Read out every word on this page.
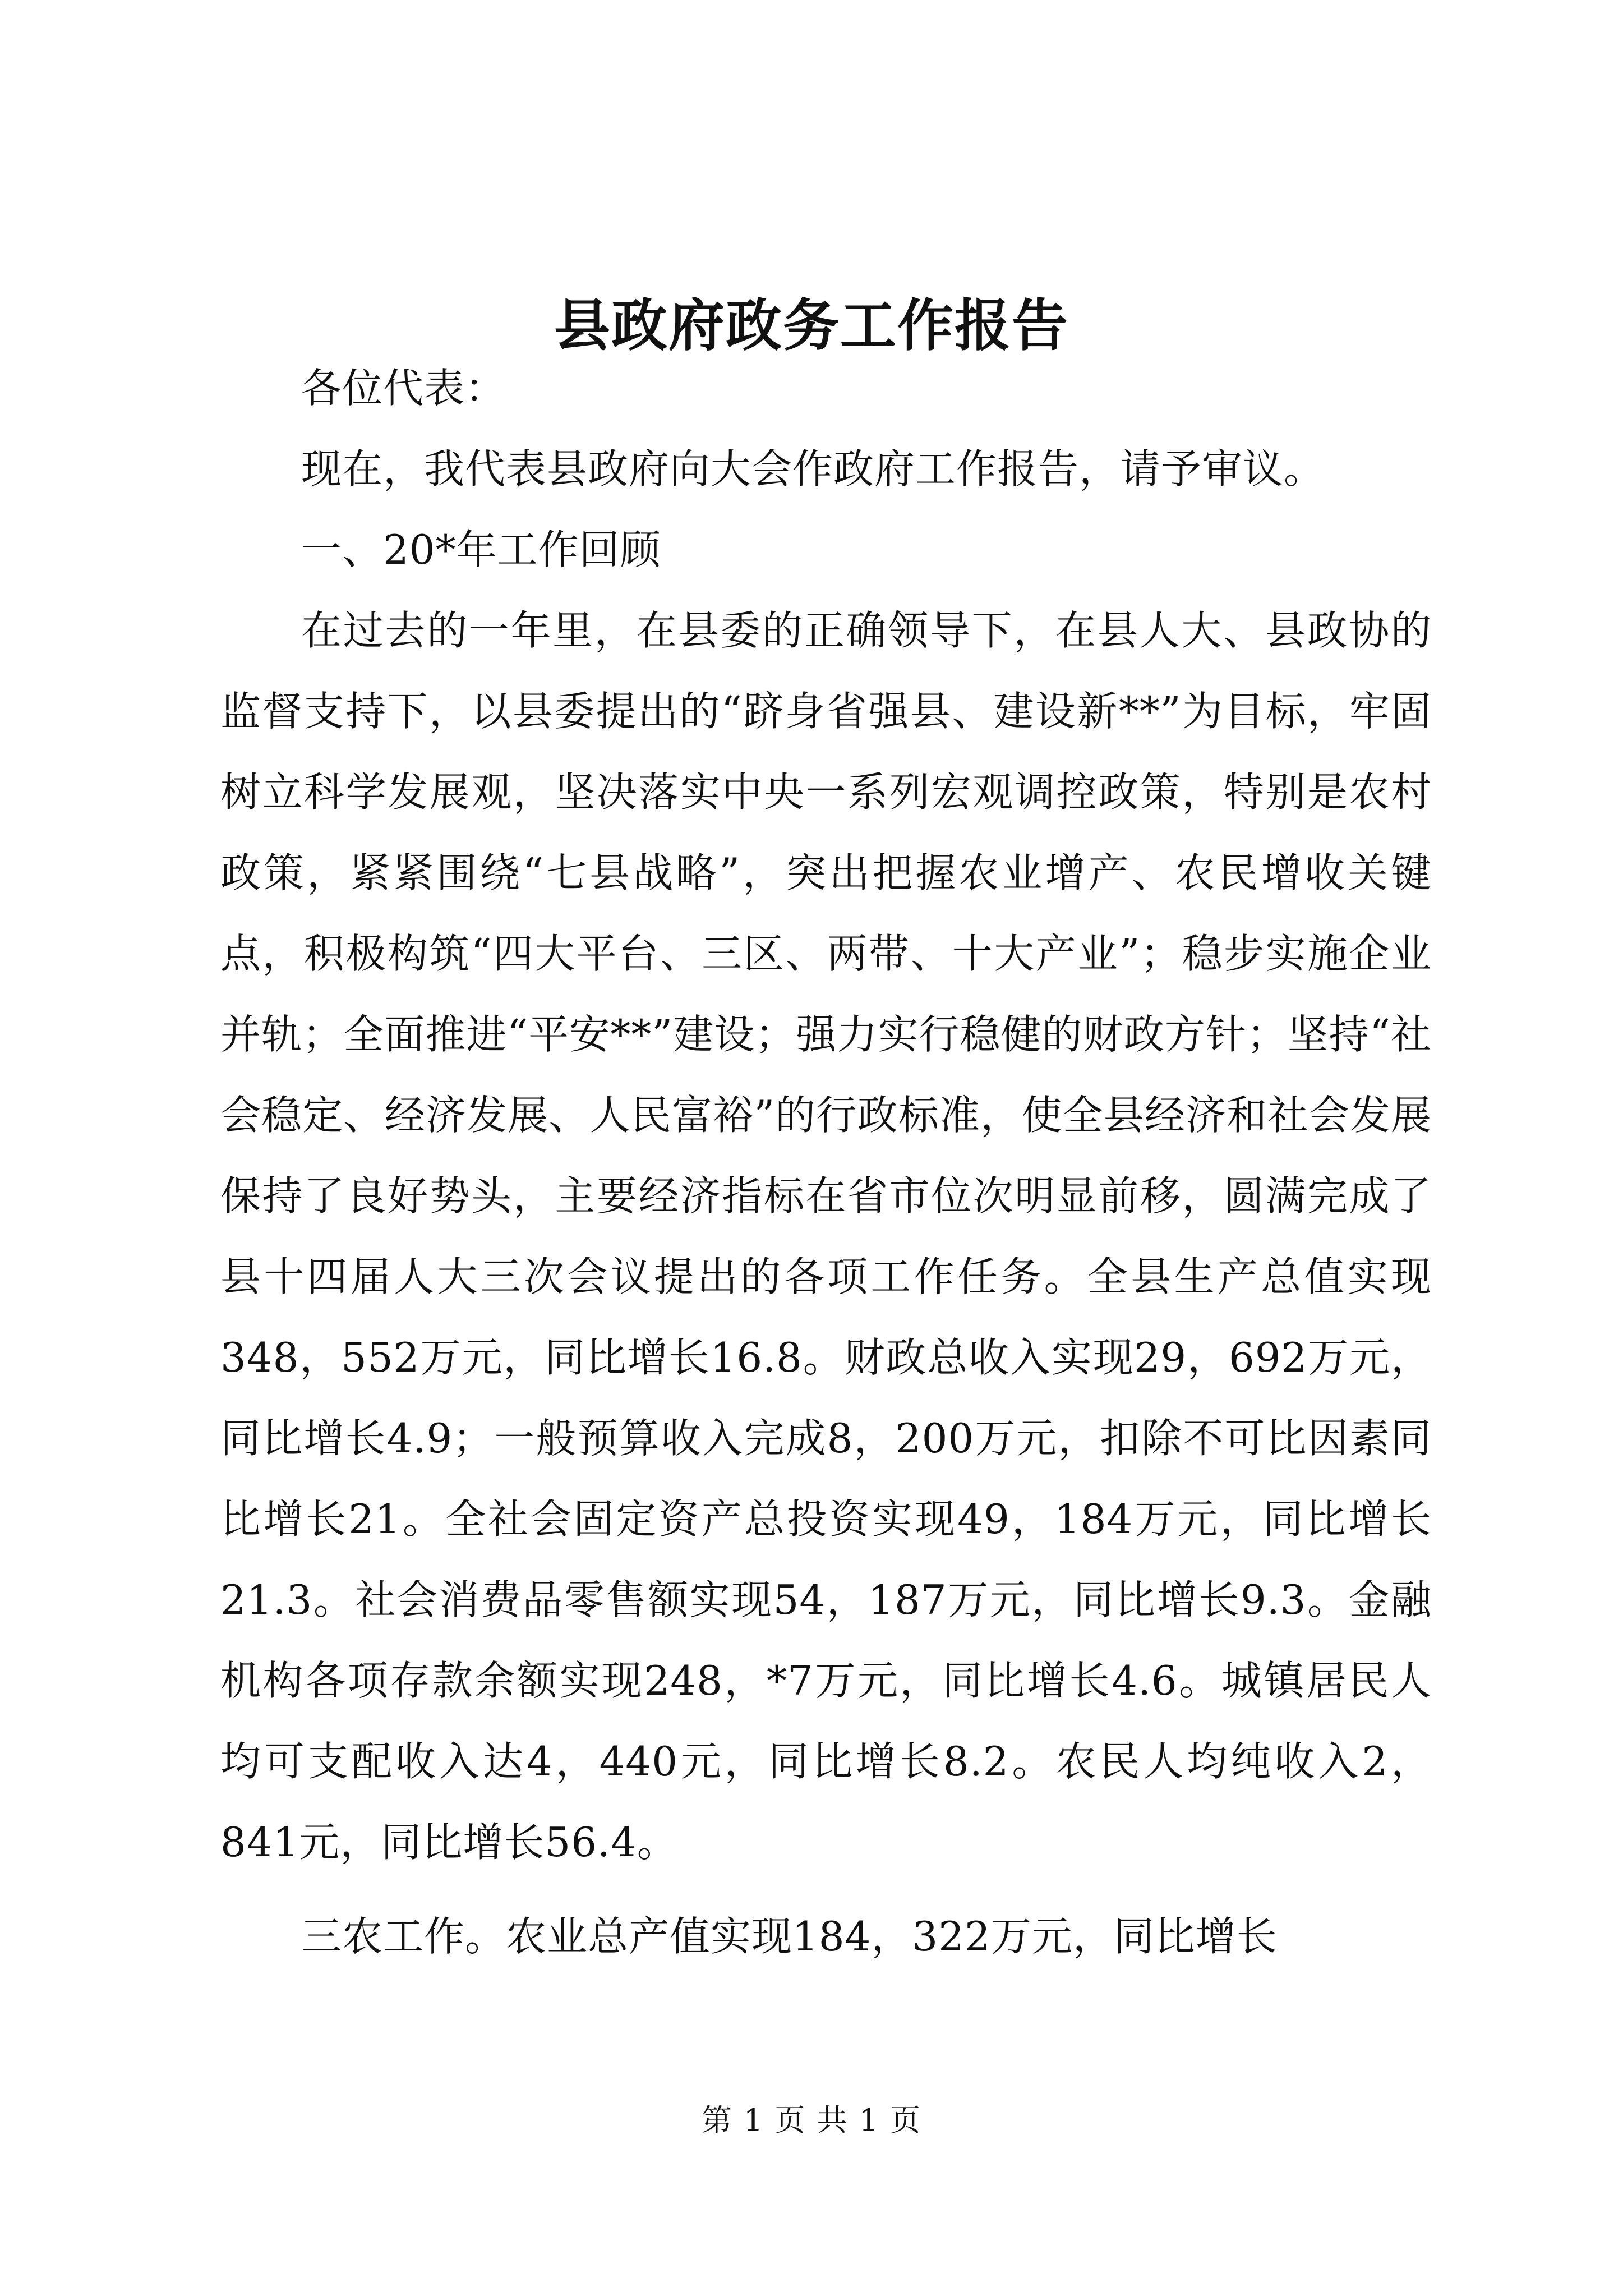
县政府政务工作报告

各位代表：

现在，我代表县政府向大会作政府工作报告，请予审议。

一、20*年工作回顾

在过去的一年里，在县委的正确领导下，在县人大、县政协的监督支持下，以县委提出的“跻身省强县、建设新**”为目标，牢固树立科学发展观，坚决落实中央一系列宏观调控政策，特别是农村政策，紧紧围绕“七县战略”，突出把握农业增产、农民增收关键点，积极构筑“四大平台、三区、两带、十大产业”；稳步实施企业并轨；全面推进“平安**”建设；强力实行稳健的财政方针；坚持“社会稳定、经济发展、人民富裕”的行政标准，使全县经济和社会发展保持了良好势头，主要经济指标在省市位次明显前移，圆满完成了县十四届人大三次会议提出的各项工作任务。全县生产总值实现348，552万元，同比增长16.8。财政总收入实现29，692万元，同比增长4.9；一般预算收入完成8，200万元，扣除不可比因素同比增长21。全社会固定资产总投资实现49，184万元，同比增长21.3。社会消费品零售额实现54，187万元，同比增长9.3。金融机构各项存款余额实现248，*7万元，同比增长4.6。城镇居民人均可支配收入达4，440元，同比增长8.2。农民人均纯收入2，841元，同比增长56.4。

三农工作。农业总产值实现184，322万元，同比增长

第 1 页 共 1 页
